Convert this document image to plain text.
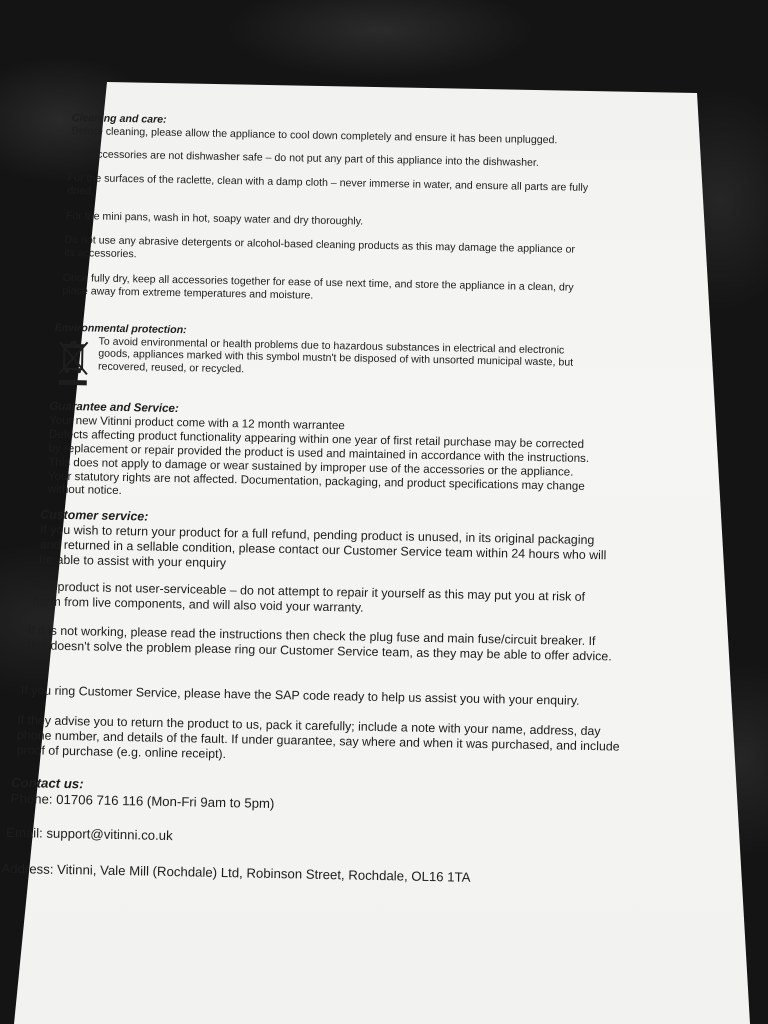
Cleaning and care:

Before cleaning, please allow the appliance to cool down completely and ensure it has been unplugged.

The accessories are not dishwasher safe – do not put any part of this appliance into the dishwasher.

For the surfaces of the raclette, clean with a damp cloth – never immerse in water, and ensure all parts are fully dried.

For the mini pans, wash in hot, soapy water and dry thoroughly.

Do not use any abrasive detergents or alcohol-based cleaning products as this may damage the appliance or its accessories.

Once fully dry, keep all accessories together for ease of use next time, and store the appliance in a clean, dry place away from extreme temperatures and moisture.

Environmental protection:

To avoid environmental or health problems due to hazardous substances in electrical and electronic goods, appliances marked with this symbol mustn't be disposed of with unsorted municipal waste, but recovered, reused, or recycled.

Guarantee and Service:

Your new Vitinni product come with a 12 month warrantee

Defects affecting product functionality appearing within one year of first retail purchase may be corrected by replacement or repair provided the product is used and maintained in accordance with the instructions. This does not apply to damage or wear sustained by improper use of the accessories or the appliance. Your statutory rights are not affected. Documentation, packaging, and product specifications may change without notice.

Customer service:

If you wish to return your product for a full refund, pending product is unused, in its original packaging and returned in a sellable condition, please contact our Customer Service team within 24 hours who will be able to assist with your enquiry

The product is not user-serviceable – do not attempt to repair it yourself as this may put you at risk of harm from live components, and will also void your warranty.

If it is not working, please read the instructions then check the plug fuse and main fuse/circuit breaker. If this doesn't solve the problem please ring our Customer Service team, as they may be able to offer advice.

If you ring Customer Service, please have the SAP code ready to help us assist you with your enquiry.

If they advise you to return the product to us, pack it carefully; include a note with your name, address, day phone number, and details of the fault. If under guarantee, say where and when it was purchased, and include proof of purchase (e.g. online receipt).

Contact us:

Phone: 01706 716 116 (Mon-Fri 9am to 5pm)

Email: support@vitinni.co.uk

Address: Vitinni, Vale Mill (Rochdale) Ltd, Robinson Street, Rochdale, OL16 1TA
